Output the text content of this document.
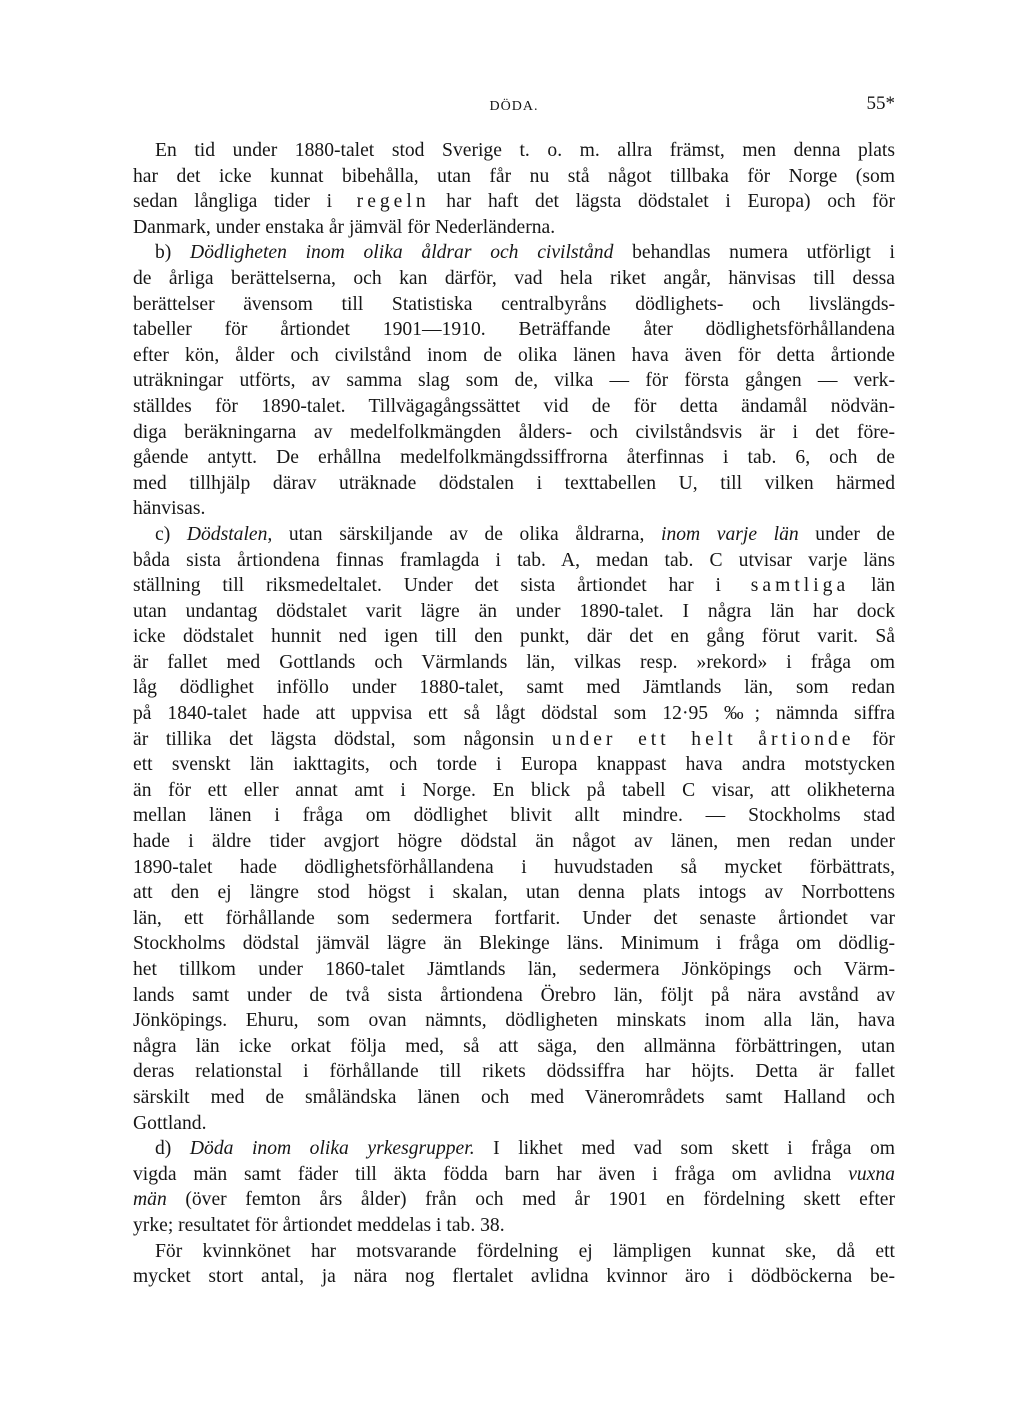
DÖDA.	55*
En tid under 1880-talet stod Sverige t. o. m. allra främst, men denna plats
har det icke kunnat bibehålla, utan får nu stå något tillbaka för Norge (som
sedan långliga tider i regeln har haft det lägsta dödstalet i Europa) och för
Danmark, under enstaka år jämväl för Nederländerna.
b) Dödligheten inom olika åldrar och civilstånd behandlas numera utförligt i
de årliga berättelserna, och kan därför, vad hela riket angår, hänvisas till dessa
berättelser ävensom till Statistiska centralbyråns dödlighets- och livslängds-
tabeller för årtiondet 1901—1910. Beträffande åter dödlighetsförhållandena
efter kön, ålder och civilstånd inom de olika länen hava även för detta årtionde
uträkningar utförts, av samma slag som de, vilka — för första gången — verk-
ställdes för 1890-talet. Tillvägagångssättet vid de för detta ändamål nödvän-
diga beräkningarna av medelfolkmängden ålders- och civilståndsvis är i det före-
gående antytt. De erhållna medelfolkmängdssiffrorna återfinnas i tab. 6, och de
med tillhjälp därav uträknade dödstalen i texttabellen U, till vilken härmed
hänvisas.
c) Dödstalen, utan särskiljande av de olika åldrarna, inom varje län under de
båda sista årtiondena finnas framlagda i tab. A, medan tab. C utvisar varje läns
ställning till riksmedeltalet. Under det sista årtiondet har i samtliga län
utan undantag dödstalet varit lägre än under 1890-talet. I några län har dock
icke dödstalet hunnit ned igen till den punkt, där det en gång förut varit. Så
är fallet med Gottlands och Värmlands län, vilkas resp. »rekord» i fråga om
låg dödlighet inföllo under 1880-talet, samt med Jämtlands län, som redan
på 1840-talet hade att uppvisa ett så lågt dödstal som 12·95 ‰; nämnda siffra
är tillika det lägsta dödstal, som någonsin under ett helt årtionde för
ett svenskt län iakttagits, och torde i Europa knappast hava andra motstycken
än för ett eller annat amt i Norge. En blick på tabell C visar, att olikheterna
mellan länen i fråga om dödlighet blivit allt mindre. — Stockholms stad
hade i äldre tider avgjort högre dödstal än något av länen, men redan under
1890-talet hade dödlighetsförhållandena i huvudstaden så mycket förbättrats,
att den ej längre stod högst i skalan, utan denna plats intogs av Norrbottens
län, ett förhållande som sedermera fortfarit. Under det senaste årtiondet var
Stockholms dödstal jämväl lägre än Blekinge läns. Minimum i fråga om dödlig-
het tillkom under 1860-talet Jämtlands län, sedermera Jönköpings och Värm-
lands samt under de två sista årtiondena Örebro län, följt på nära avstånd av
Jönköpings. Ehuru, som ovan nämnts, dödligheten minskats inom alla län, hava
några län icke orkat följa med, så att säga, den allmänna förbättringen, utan
deras relationstal i förhållande till rikets dödssiffra har höjts. Detta är fallet
särskilt med de småländska länen och med Vänerområdets samt Halland och
Gottland.
d) Döda inom olika yrkesgrupper. I likhet med vad som skett i fråga om
vigda män samt fäder till äkta födda barn har även i fråga om avlidna vuxna
män (över femton års ålder) från och med år 1901 en fördelning skett efter
yrke; resultatet för årtiondet meddelas i tab. 38.
För kvinnkönet har motsvarande fördelning ej lämpligen kunnat ske, då ett
mycket stort antal, ja nära nog flertalet avlidna kvinnor äro i dödböckerna be-
